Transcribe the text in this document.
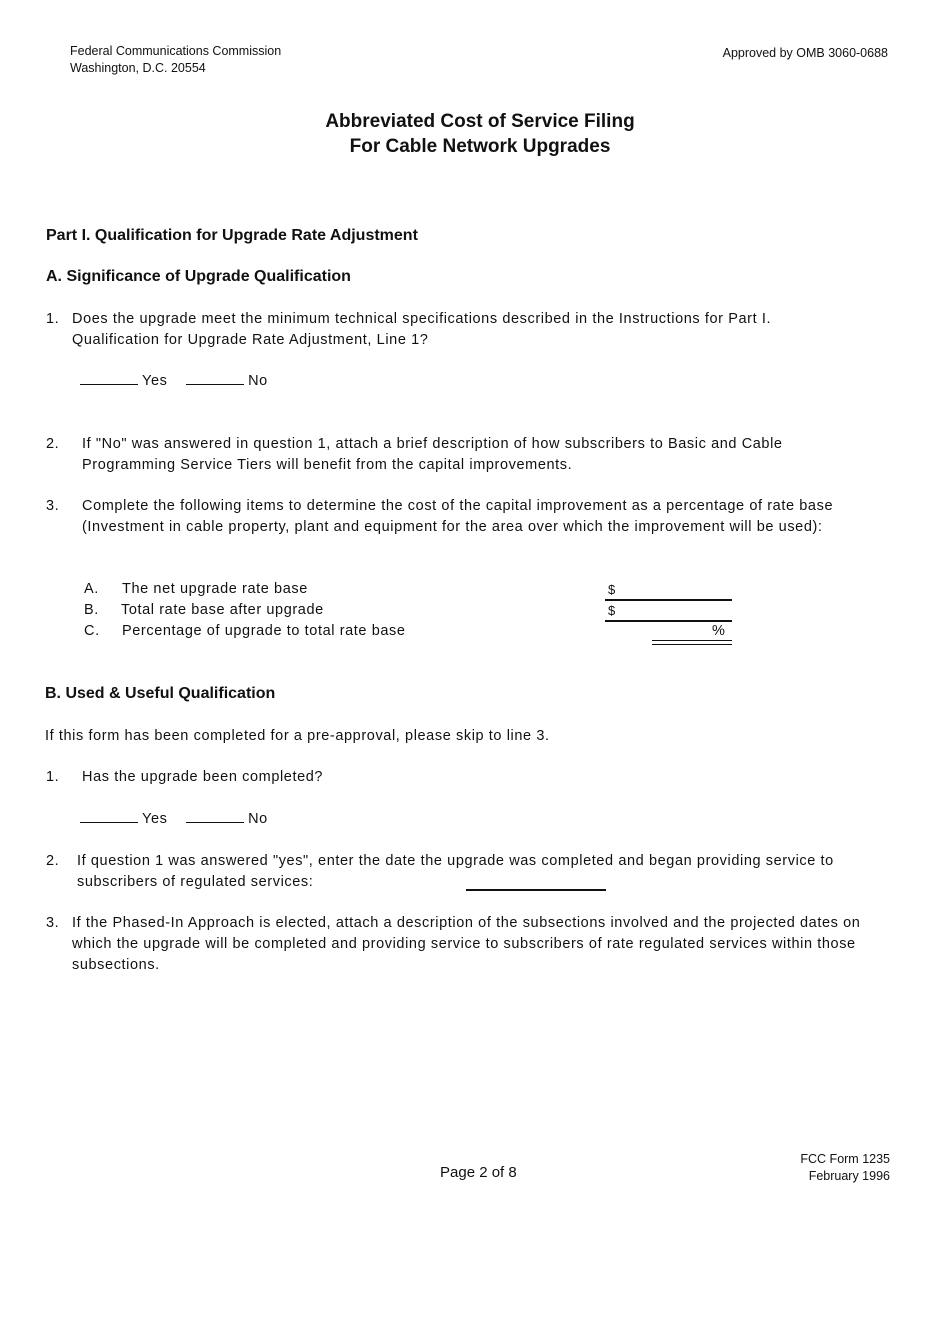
Federal Communications Commission
Washington, D.C. 20554
Approved by OMB 3060-0688
Abbreviated Cost of Service Filing
For Cable Network Upgrades
Part I. Qualification for Upgrade Rate Adjustment
A. Significance of Upgrade Qualification
1. Does the upgrade meet the minimum technical specifications described in the Instructions for Part I. Qualification for Upgrade Rate Adjustment, Line 1?
Yes	No
2. If "No" was answered in question 1, attach a brief description of how subscribers to Basic and Cable Programming Service Tiers will benefit from the capital improvements.
3. Complete the following items to determine the cost of the capital improvement as a percentage of rate base (Investment in cable property, plant and equipment for the area over which the improvement will be used):
A. The net upgrade rate base	$
B. Total rate base after upgrade	$
C. Percentage of upgrade to total rate base	%
B. Used & Useful Qualification
If this form has been completed for a pre-approval, please skip to line 3.
1. Has the upgrade been completed?
Yes	No
2. If question 1 was answered "yes", enter the date the upgrade was completed and began providing service to subscribers of regulated services:
3. If the Phased-In Approach is elected, attach a description of the subsections involved and the projected dates on which the upgrade will be completed and providing service to subscribers of rate regulated services within those subsections.
Page 2 of 8
FCC Form 1235
February 1996
